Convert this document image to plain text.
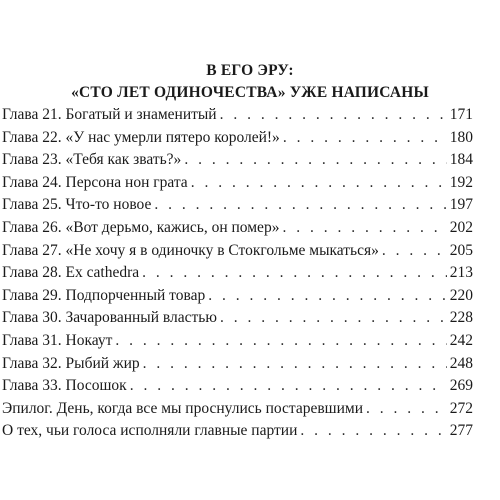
В ЕГО ЭРУ:
«СТО ЛЕТ ОДИНОЧЕСТВА» УЖЕ НАПИСАНЫ
Глава 21. Богатый и знаменитый . . .	171
Глава 22. «У нас умерли пятеро королей!» . . .	180
Глава 23. «Тебя как звать?» . . .	184
Глава 24. Персона нон грата . . .	192
Глава 25. Что-то новое . . .	197
Глава 26. «Вот дерьмо, кажись, он помер» . . .	202
Глава 27. «Не хочу я в одиночку в Стокгольме мыкаться» . . .	205
Глава 28. Ex cathedra . . .	213
Глава 29. Подпорченный товар . . .	220
Глава 30. Зачарованный властью . . .	228
Глава 31. Нокаут . . .	242
Глава 32. Рыбий жир . . .	248
Глава 33. Посошок . . .	269
Эпилог. День, когда все мы проснулись постаревшими . . .	272
О тех, чьи голоса исполняли главные партии . . .	277
